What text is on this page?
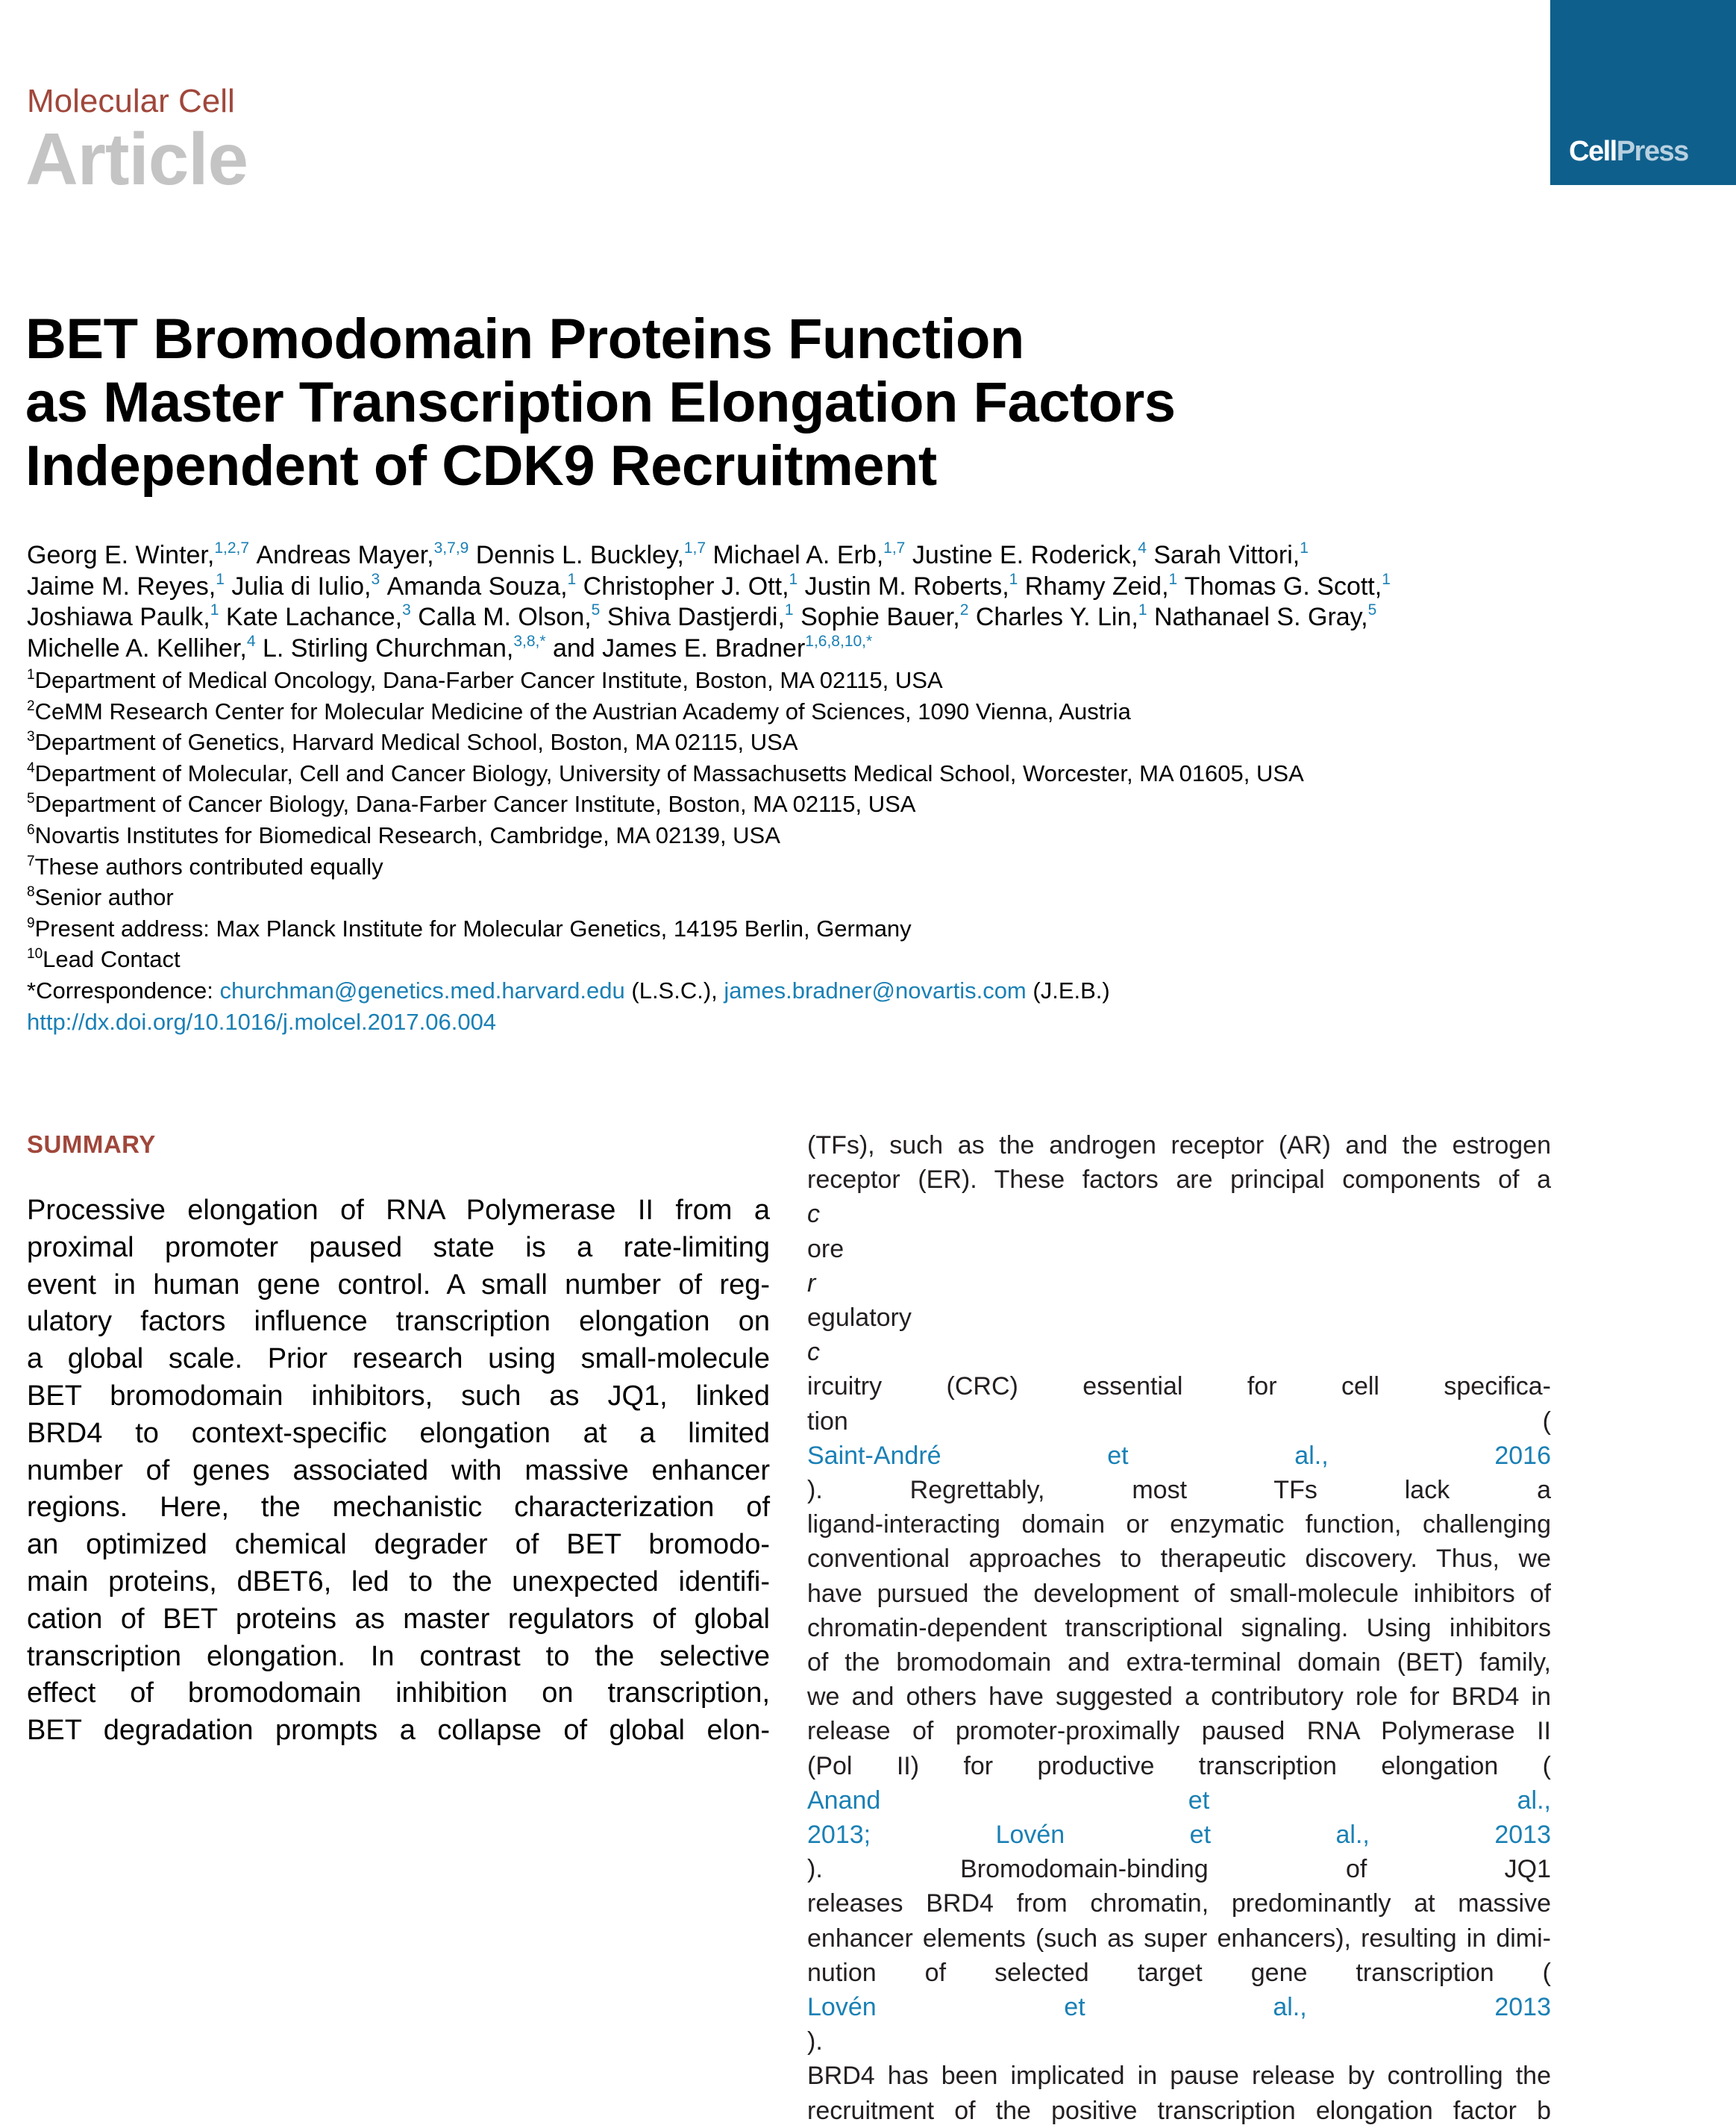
Molecular Cell
Article	CellPress
BET Bromodomain Proteins Function
as Master Transcription Elongation Factors
Independent of CDK9 Recruitment
Georg E. Winter,$^{1,2,7}$ Andreas Mayer,$^{3,7,9}$ Dennis L. Buckley,$^{1,7}$ Michael A. Erb,$^{1,7}$ Justine E. Roderick,$^4$ Sarah Vittori,$^1$
Jaime M. Reyes,$^1$ Julia di Iulio,$^3$ Amanda Souza,$^1$ Christopher J. Ott,$^1$ Justin M. Roberts,$^1$ Rhamy Zeid,$^1$ Thomas G. Scott,$^1$
Joshiawa Paulk,$^1$ Kate Lachance,$^3$ Calla M. Olson,$^5$ Shiva Dastjerdi,$^1$ Sophie Bauer,$^2$ Charles Y. Lin,$^1$ Nathanael S. Gray,$^5$
Michelle A. Kelliher,$^4$ L. Stirling Churchman,$^{3,8,*}$ and James E. Bradner$^{1,6,8,10,*}$
$^1$Department of Medical Oncology, Dana-Farber Cancer Institute, Boston, MA 02115, USA
$^2$CeMM Research Center for Molecular Medicine of the Austrian Academy of Sciences, 1090 Vienna, Austria
$^3$Department of Genetics, Harvard Medical School, Boston, MA 02115, USA
$^4$Department of Molecular, Cell and Cancer Biology, University of Massachusetts Medical School, Worcester, MA 01605, USA
$^5$Department of Cancer Biology, Dana-Farber Cancer Institute, Boston, MA 02115, USA
$^6$Novartis Institutes for Biomedical Research, Cambridge, MA 02139, USA
$^7$These authors contributed equally
$^8$Senior author
$^9$Present address: Max Planck Institute for Molecular Genetics, 14195 Berlin, Germany
$^{10}$Lead Contact
*Correspondence: churchman@genetics.med.harvard.edu (L.S.C.), james.bradner@novartis.com (J.E.B.)
http://dx.doi.org/10.1016/j.molcel.2017.06.004
SUMMARY
Processive elongation of RNA Polymerase II from a
proximal promoter paused state is a rate-limiting
event in human gene control. A small number of reg-
ulatory factors influence transcription elongation on
a global scale. Prior research using small-molecule
BET bromodomain inhibitors, such as JQ1, linked
BRD4 to context-specific elongation at a limited
number of genes associated with massive enhancer
regions. Here, the mechanistic characterization of
an optimized chemical degrader of BET bromodo-
main proteins, dBET6, led to the unexpected identifi-
cation of BET proteins as master regulators of global
transcription elongation. In contrast to the selective
effect of bromodomain inhibition on transcription,
BET degradation prompts a collapse of global elon-
(TFs), such as the androgen receptor (AR) and the estrogen
receptor (ER). These factors are principal components of a
c
ore
r
egulatory
c
ircuitry (CRC) essential for cell specifica-
tion (
Saint-André et al., 2016
). Regrettably, most TFs lack a
ligand-interacting domain or enzymatic function, challenging
conventional approaches to therapeutic discovery. Thus, we
have pursued the development of small-molecule inhibitors of
chromatin-dependent transcriptional signaling. Using inhibitors
of the bromodomain and extra-terminal domain (BET) family,
we and others have suggested a contributory role for BRD4 in
release of promoter-proximally paused RNA Polymerase II
(Pol II) for productive transcription elongation (
Anand et al.,
2013; Lovén et al., 2013
). Bromodomain-binding of JQ1
releases BRD4 from chromatin, predominantly at massive
enhancer elements (such as super enhancers), resulting in dimi-
nution of selected target gene transcription (
Lovén et al., 2013
).
BRD4 has been implicated in pause release by controlling the
recruitment of the positive transcription elongation factor b
